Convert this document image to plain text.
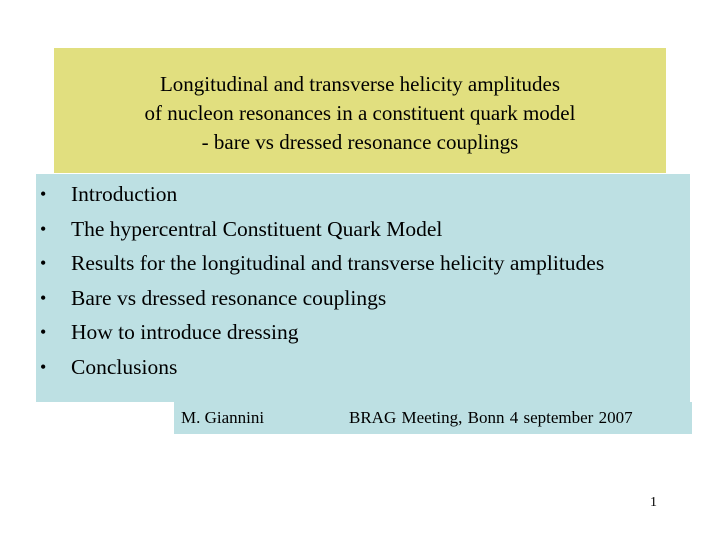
Longitudinal and transverse helicity amplitudes
of nucleon resonances in a constituent quark model
- bare vs dressed resonance couplings
• Introduction
• The hypercentral Constituent Quark Model
• Results for the longitudinal and transverse helicity amplitudes
• Bare vs dressed resonance couplings
• How to introduce dressing
• Conclusions
M. Giannini	BRAG Meeting, Bonn 4 september 2007
1
